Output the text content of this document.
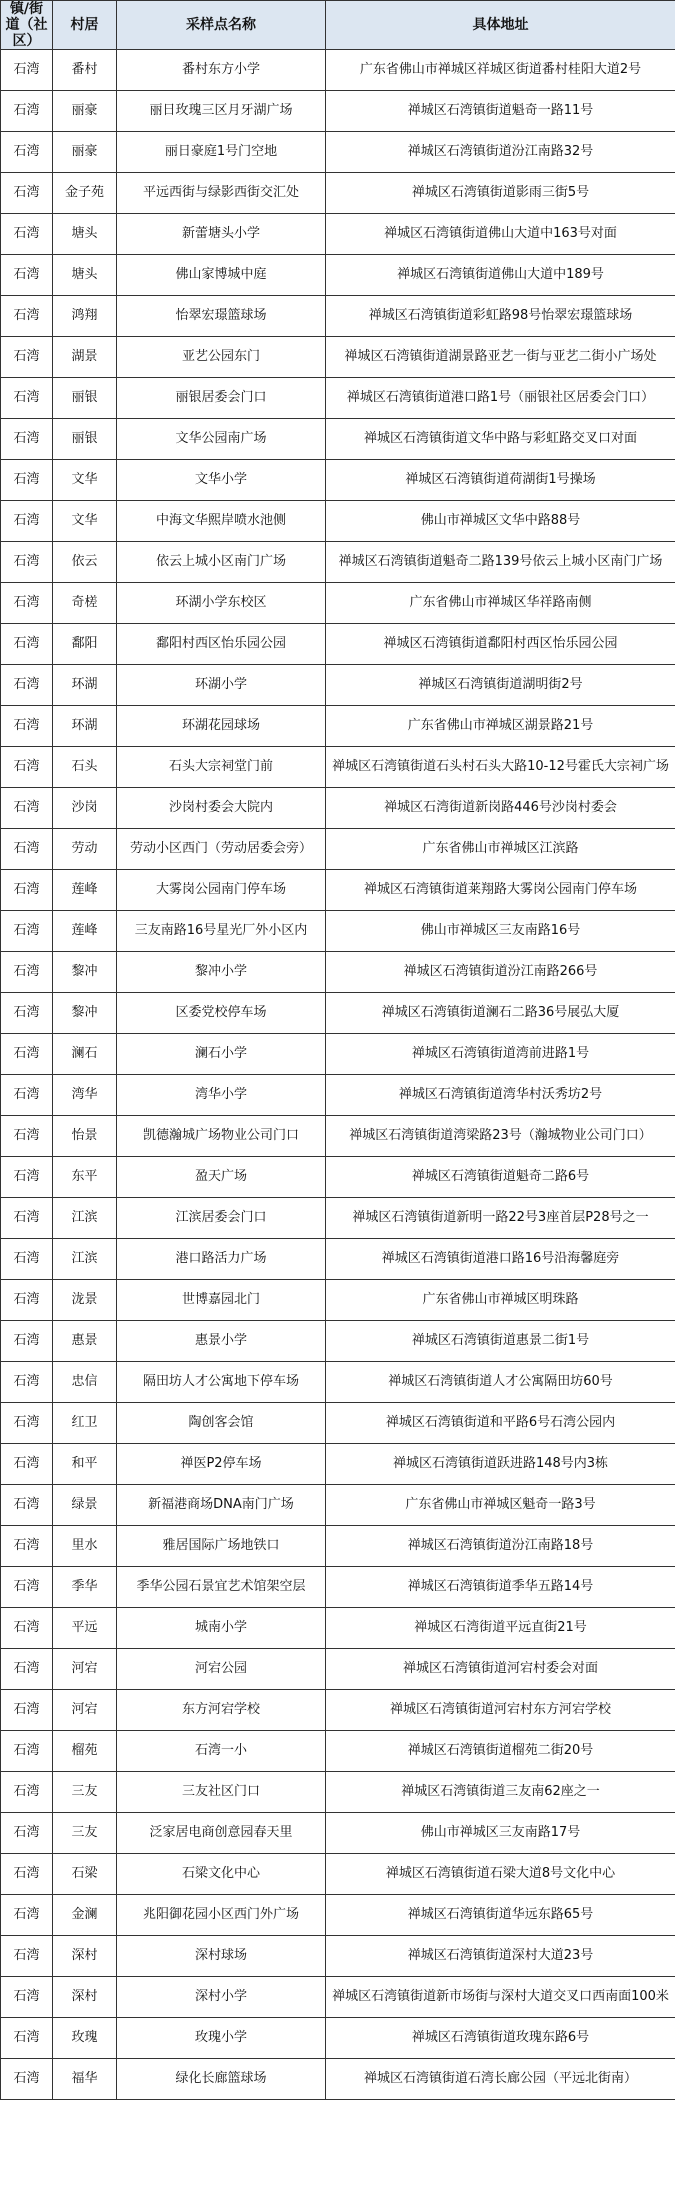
镇/街道（社区）	村居	采样点名称	具体地址
石湾	番村	番村东方小学	广东省佛山市禅城区祥城区街道番村桂阳大道2号
石湾	丽豪	丽日玫瑰三区月牙湖广场	禅城区石湾镇街道魁奇一路11号
石湾	丽豪	丽日豪庭1号门空地	禅城区石湾镇街道汾江南路32号
石湾	金子苑	平远西街与绿影西街交汇处	禅城区石湾镇街道影雨三街5号
石湾	塘头	新蕾塘头小学	禅城区石湾镇街道佛山大道中163号对面
石湾	塘头	佛山家博城中庭	禅城区石湾镇街道佛山大道中189号
石湾	鸿翔	怡翠宏璟篮球场	禅城区石湾镇街道彩虹路98号怡翠宏璟篮球场
石湾	湖景	亚艺公园东门	禅城区石湾镇街道湖景路亚艺一街与亚艺二街小广场处
石湾	丽银	丽银居委会门口	禅城区石湾镇街道港口路1号（丽银社区居委会门口）
石湾	丽银	文华公园南广场	禅城区石湾镇街道文华中路与彩虹路交叉口对面
石湾	文华	文华小学	禅城区石湾镇街道荷湖街1号操场
石湾	文华	中海文华熙岸喷水池侧	佛山市禅城区文华中路88号
石湾	依云	依云上城小区南门广场	禅城区石湾镇街道魁奇二路139号依云上城小区南门广场
石湾	奇槎	环湖小学东校区	广东省佛山市禅城区华祥路南侧
石湾	鄱阳	鄱阳村西区怡乐园公园	禅城区石湾镇街道鄱阳村西区怡乐园公园
石湾	环湖	环湖小学	禅城区石湾镇街道湖明街2号
石湾	环湖	环湖花园球场	广东省佛山市禅城区湖景路21号
石湾	石头	石头大宗祠堂门前	禅城区石湾镇街道石头村石头大路10-12号霍氏大宗祠广场
石湾	沙岗	沙岗村委会大院内	禅城区石湾街道新岗路446号沙岗村委会
石湾	劳动	劳动小区西门（劳动居委会旁）	广东省佛山市禅城区江滨路
石湾	莲峰	大雾岗公园南门停车场	禅城区石湾镇街道莱翔路大雾岗公园南门停车场
石湾	莲峰	三友南路16号星光厂外小区内	佛山市禅城区三友南路16号
石湾	黎冲	黎冲小学	禅城区石湾镇街道汾江南路266号
石湾	黎冲	区委党校停车场	禅城区石湾镇街道澜石二路36号展弘大厦
石湾	澜石	澜石小学	禅城区石湾镇街道湾前进路1号
石湾	湾华	湾华小学	禅城区石湾镇街道湾华村沃秀坊2号
石湾	怡景	凯德瀚城广场物业公司门口	禅城区石湾镇街道湾梁路23号（瀚城物业公司门口）
石湾	东平	盈天广场	禅城区石湾镇街道魁奇二路6号
石湾	江滨	江滨居委会门口	禅城区石湾镇街道新明一路22号3座首层P28号之一
石湾	江滨	港口路活力广场	禅城区石湾镇街道港口路16号沿海馨庭旁
石湾	泷景	世博嘉园北门	广东省佛山市禅城区明珠路
石湾	惠景	惠景小学	禅城区石湾镇街道惠景二街1号
石湾	忠信	隔田坊人才公寓地下停车场	禅城区石湾镇街道人才公寓隔田坊60号
石湾	红卫	陶创客会馆	禅城区石湾镇街道和平路6号石湾公园内
石湾	和平	禅医P2停车场	禅城区石湾镇街道跃进路148号内3栋
石湾	绿景	新福港商场DNA南门广场	广东省佛山市禅城区魁奇一路3号
石湾	里水	雅居国际广场地铁口	禅城区石湾镇街道汾江南路18号
石湾	季华	季华公园石景宜艺术馆架空层	禅城区石湾镇街道季华五路14号
石湾	平远	城南小学	禅城区石湾街道平远直街21号
石湾	河宕	河宕公园	禅城区石湾镇街道河宕村委会对面
石湾	河宕	东方河宕学校	禅城区石湾镇街道河宕村东方河宕学校
石湾	榴苑	石湾一小	禅城区石湾镇街道榴苑二街20号
石湾	三友	三友社区门口	禅城区石湾镇街道三友南62座之一
石湾	三友	泛家居电商创意园春天里	佛山市禅城区三友南路17号
石湾	石梁	石梁文化中心	禅城区石湾镇街道石梁大道8号文化中心
石湾	金澜	兆阳御花园小区西门外广场	禅城区石湾镇街道华远东路65号
石湾	深村	深村球场	禅城区石湾镇街道深村大道23号
石湾	深村	深村小学	禅城区石湾镇街道新市场街与深村大道交叉口西南面100米
石湾	玫瑰	玫瑰小学	禅城区石湾镇街道玫瑰东路6号
石湾	福华	绿化长廊篮球场	禅城区石湾镇街道石湾长廊公园（平远北街南）
